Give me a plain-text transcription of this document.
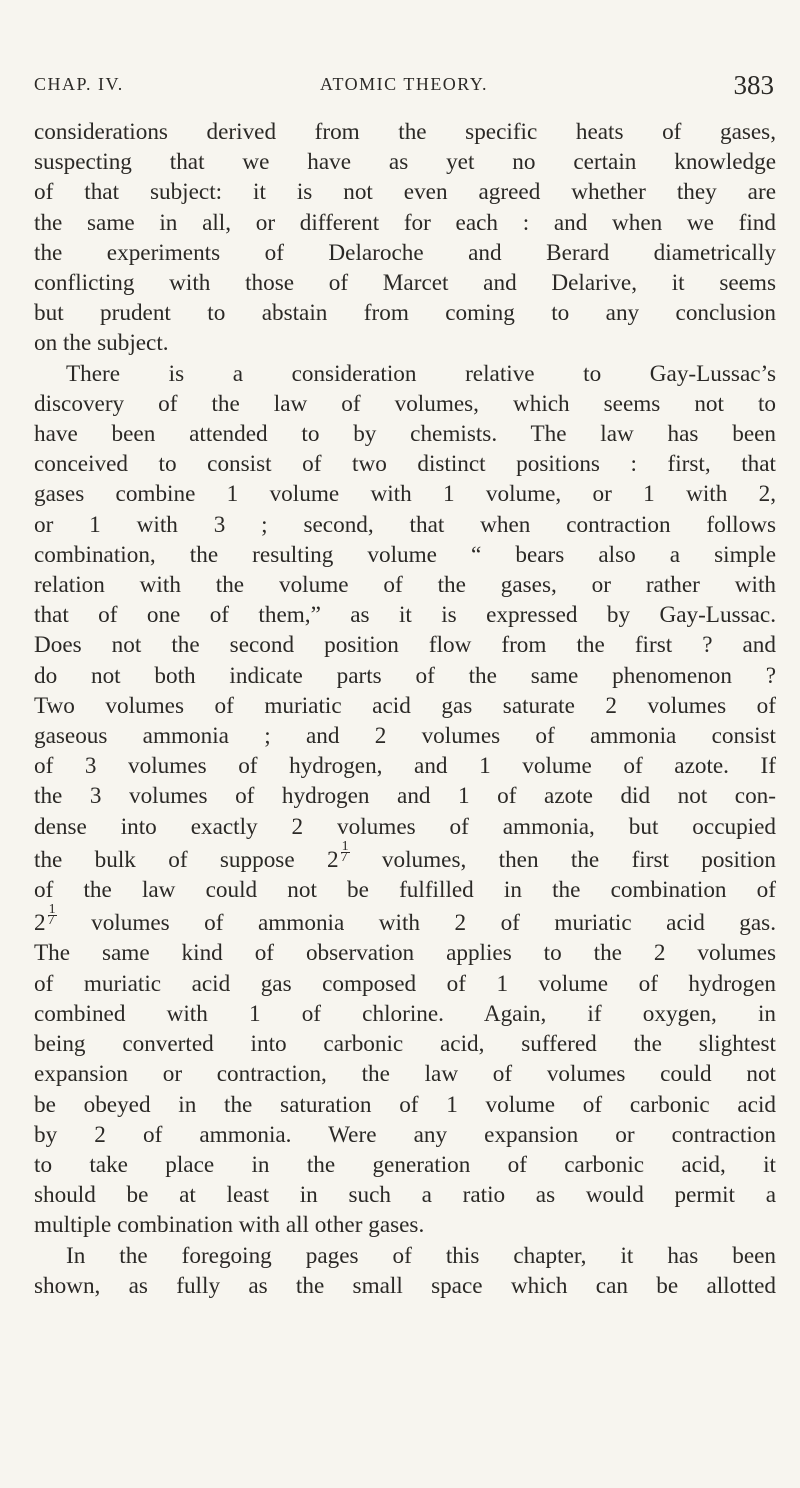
CHAP. IV.	ATOMIC THEORY.	383
considerations derived from the specific heats of gases,
suspecting that we have as yet no certain knowledge
of that subject: it is not even agreed whether they are
the same in all, or different for each : and when we find
the experiments of Delaroche and Berard diametrically
conflicting with those of Marcet and Delarive, it seems
but prudent to abstain from coming to any conclusion
on the subject.
There is a consideration relative to Gay-Lussac’s
discovery of the law of volumes, which seems not to
have been attended to by chemists. The law has been
conceived to consist of two distinct positions : first, that
gases combine 1 volume with 1 volume, or 1 with 2,
or 1 with 3 ; second, that when contraction follows
combination, the resulting volume “ bears also a simple
relation with the volume of the gases, or rather with
that of one of them,” as it is expressed by Gay-Lussac.
Does not the second position flow from the first ? and
do not both indicate parts of the same phenomenon ?
Two volumes of muriatic acid gas saturate 2 volumes of
gaseous ammonia ; and 2 volumes of ammonia consist
of 3 volumes of hydrogen, and 1 volume of azote. If
the 3 volumes of hydrogen and 1 of azote did not con-
dense into exactly 2 volumes of ammonia, but occupied
the bulk of suppose $2 \frac{1}{7}$ volumes, then the first position
of the law could not be fulfilled in the combination of
$2 \frac{1}{7}$ volumes of ammonia with 2 of muriatic acid gas.
The same kind of observation applies to the 2 volumes
of muriatic acid gas composed of 1 volume of hydrogen
combined with 1 of chlorine. Again, if oxygen, in
being converted into carbonic acid, suffered the slightest
expansion or contraction, the law of volumes could not
be obeyed in the saturation of 1 volume of carbonic acid
by 2 of ammonia. Were any expansion or contraction
to take place in the generation of carbonic acid, it
should be at least in such a ratio as would permit a
multiple combination with all other gases.
In the foregoing pages of this chapter, it has been
shown, as fully as the small space which can be allotted
